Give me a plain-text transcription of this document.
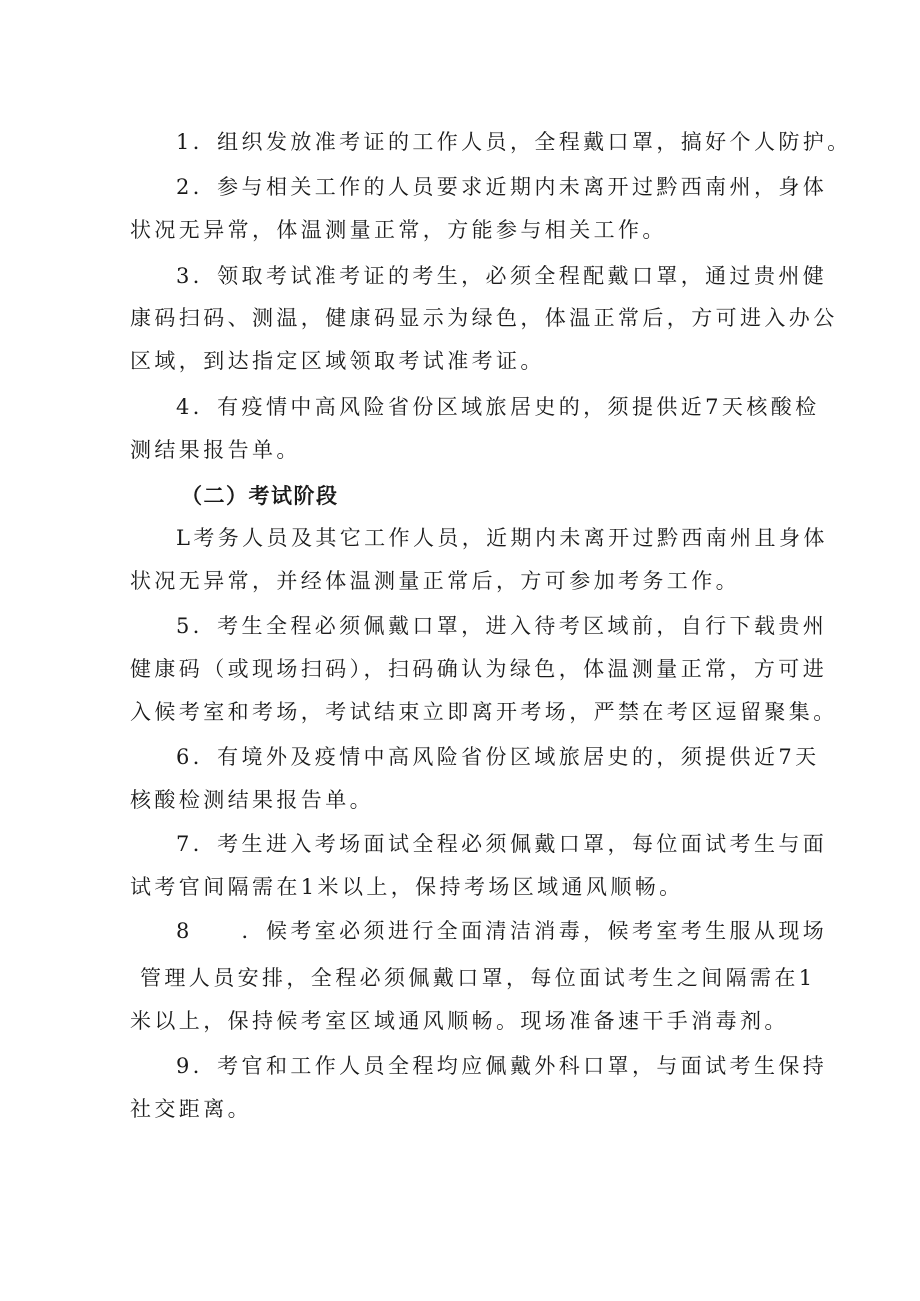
1．组织发放准考证的工作人员，全程戴口罩，搞好个人防护。
2．参与相关工作的人员要求近期内未离开过黔西南州，身体
状况无异常，体温测量正常，方能参与相关工作。
3．领取考试准考证的考生，必须全程配戴口罩，通过贵州健
康码扫码、测温，健康码显示为绿色，体温正常后，方可进入办公
区域，到达指定区域领取考试准考证。
4．有疫情中高风险省份区域旅居史的，须提供近7天核酸检
测结果报告单。
（二）考试阶段
L考务人员及其它工作人员，近期内未离开过黔西南州且身体
状况无异常，并经体温测量正常后，方可参加考务工作。
5．考生全程必须佩戴口罩，进入待考区域前，自行下载贵州
健康码（或现场扫码），扫码确认为绿色，体温测量正常，方可进
入候考室和考场，考试结束立即离开考场，严禁在考区逗留聚集。
6．有境外及疫情中高风险省份区域旅居史的，须提供近7天
核酸检测结果报告单。
7．考生进入考场面试全程必须佩戴口罩，每位面试考生与面
试考官间隔需在1米以上，保持考场区域通风顺畅。
8　　．候考室必须进行全面清洁消毒，候考室考生服从现场
管理人员安排，全程必须佩戴口罩，每位面试考生之间隔需在1
米以上，保持候考室区域通风顺畅。现场准备速干手消毒剂。
9．考官和工作人员全程均应佩戴外科口罩，与面试考生保持
社交距离。
